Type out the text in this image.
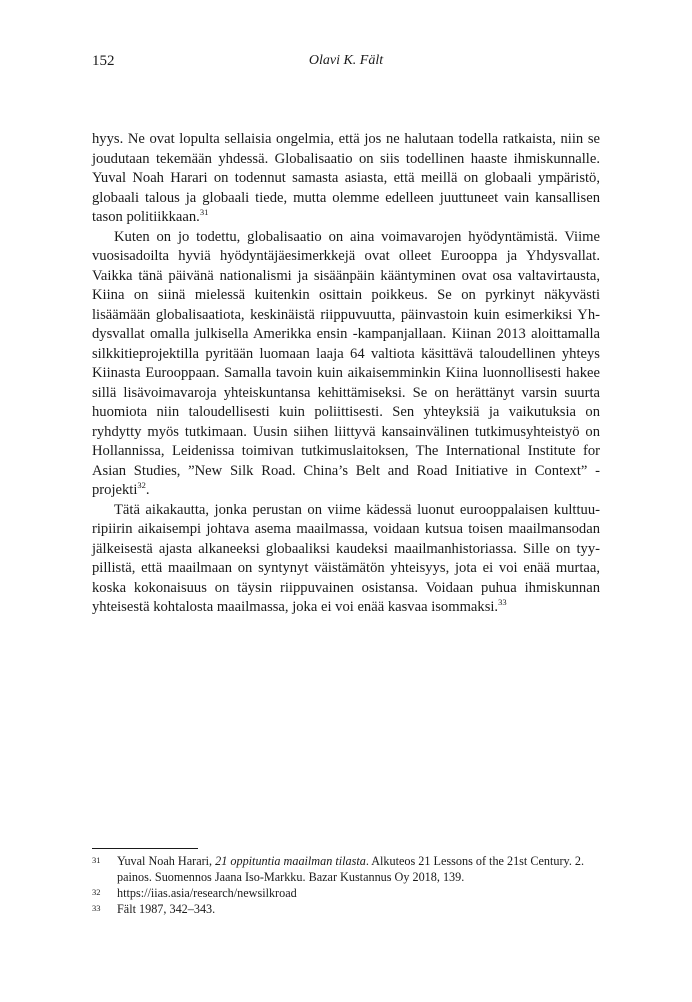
152	Olavi K. Fält

hyys. Ne ovat lopulta sellaisia ongelmia, että jos ne halutaan todella ratkaista, niin se joudutaan tekemään yhdessä. Globalisaatio on siis todellinen haaste ihmiskunnalle. Yuval Noah Harari on todennut samasta asiasta, että meillä on globaali ympäristö, globaali talous ja globaali tiede, mutta olemme edelleen juuttuneet vain kansallisen tason politiikkaan.$^{31}$

Kuten on jo todettu, globalisaatio on aina voimavarojen hyödyntämistä. Viime vuosisadoilta hyviä hyödyntäjäesimerkkejä ovat olleet Eurooppa ja Yhdysvallat. Vaikka tänä päivänä nationalismi ja sisäänpäin kääntyminen ovat osa valtavirtausta, Kiina on siinä mielessä kuitenkin osittain poikkeus. Se on pyrkinyt näkyvästi lisäämään globalisaatiota, keskinäistä riippuvuutta, päinvastoin kuin esimerkiksi Yhdysvallat omalla julkisella Amerikka ensin -kampanjallaan. Kiinan 2013 aloittamalla silkkitieprojektilla pyritään luomaan laaja 64 valtiota käsittävä taloudellinen yhteys Kiinasta Eurooppaan. Samalla tavoin kuin aikaisemminkin Kiina luonnollisesti hakee sillä lisävoimavaroja yhteiskuntansa kehittämiseksi. Se on herättänyt varsin suurta huomiota niin taloudellisesti kuin poliittisesti. Sen yhteyksiä ja vaikutuksia on ryhdytty myös tutkimaan. Uusin siihen liittyvä kansainvälinen tutkimusyhteistyö on Hollannissa, Leidenissa toimivan tutkimuslaitoksen, The International Institute for Asian Studies, ”New Silk Road. China’s Belt and Road Initiative in Context” -projekti$^{32}$.

Tätä aikakautta, jonka perustan on viime kädessä luonut eurooppalaisen kulttuuripiirin aikaisempi johtava asema maailmassa, voidaan kutsua toisen maailmansodan jälkeisestä ajasta alkaneeksi globaaliksi kaudeksi maailmanhistoriassa. Sille on tyypillistä, että maailmaan on syntynyt väistämätön yhteisyys, jota ei voi enää murtaa, koska kokonaisuus on täysin riippuvainen osistansa. Voidaan puhua ihmiskunnan yhteisestä kohtalosta maailmassa, joka ei voi enää kasvaa isommaksi.$^{33}$

31 Yuval Noah Harari, 21 oppituntia maailman tilasta. Alkuteos 21 Lessons of the 21st Century. 2. painos. Suomennos Jaana Iso-Markku. Bazar Kustannus Oy 2018, 139.
32 https://iias.asia/research/newsilkroad
33 Fält 1987, 342–343.
